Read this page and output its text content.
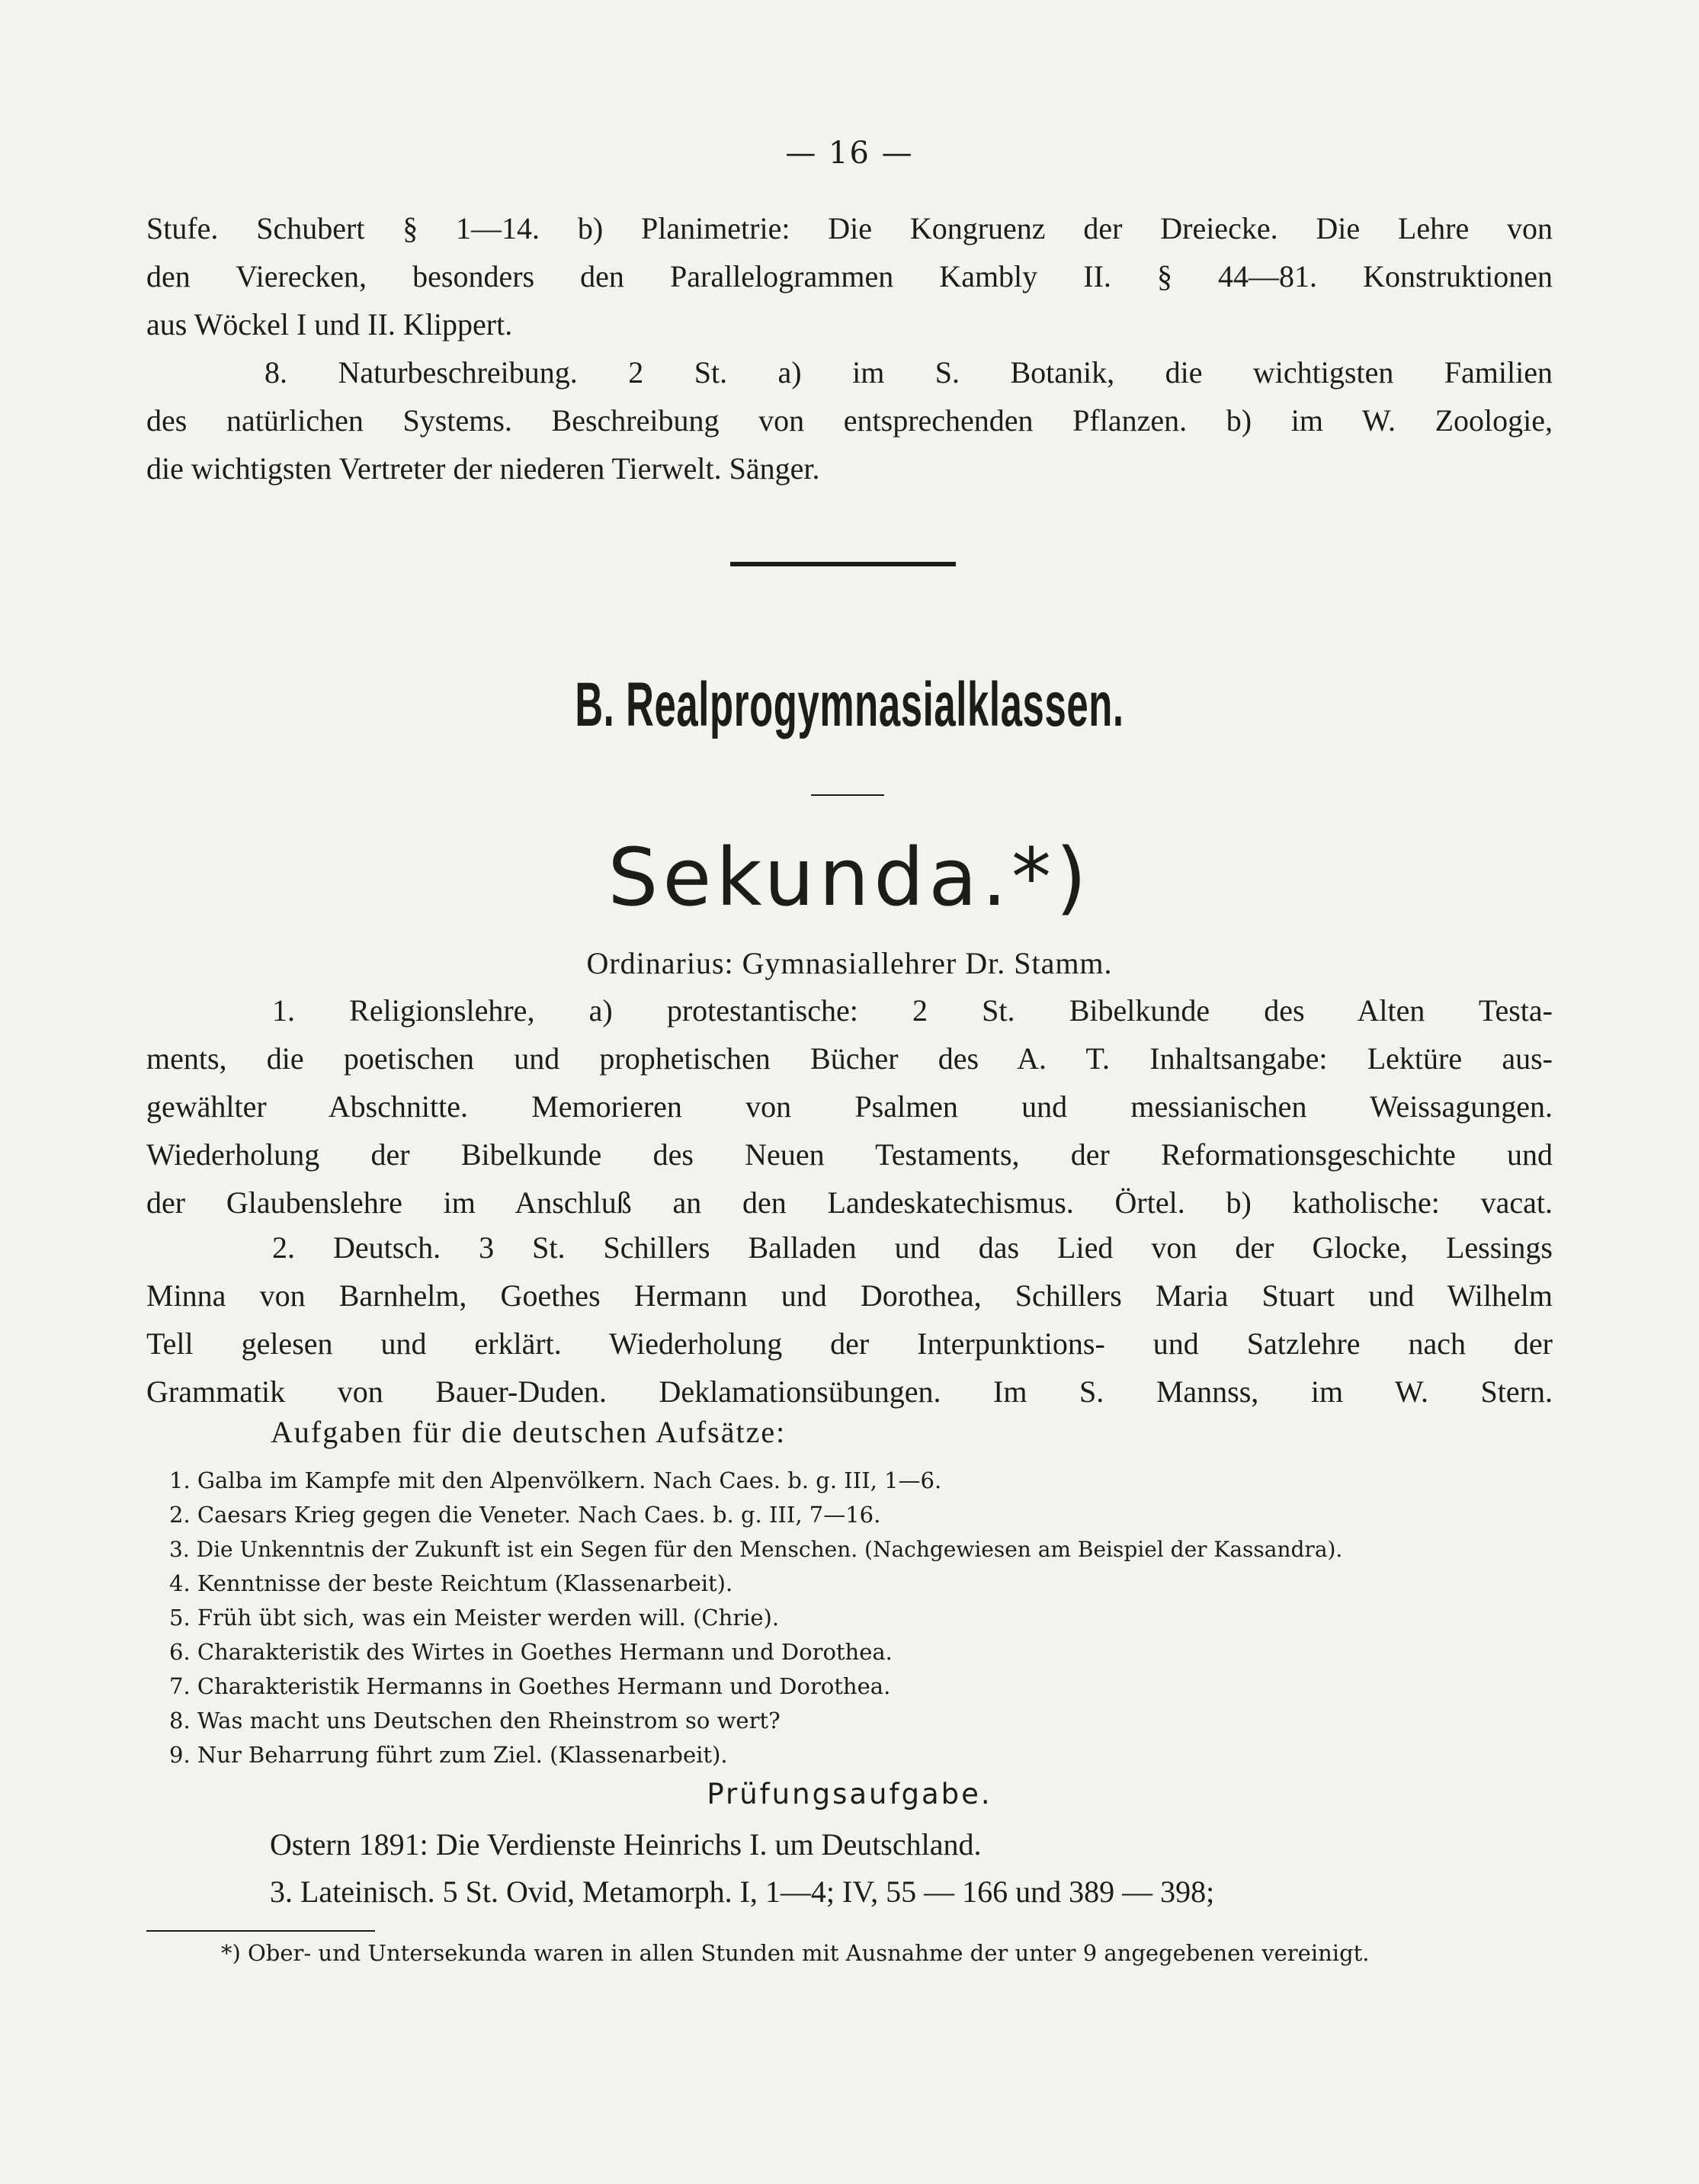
— 16 —
Stufe. Schubert § 1—14. b) Planimetrie: Die Kongruenz der Dreiecke. Die Lehre von
den Vierecken, besonders den Parallelogrammen Kambly II. § 44—81. Konstruktionen
aus Wöckel I und II. Klippert.
8. Naturbeschreibung. 2 St. a) im S. Botanik, die wichtigsten Familien
des natürlichen Systems. Beschreibung von entsprechenden Pflanzen. b) im W. Zoologie,
die wichtigsten Vertreter der niederen Tierwelt. Sänger.
B. Realprogymnasialklassen.
Sekunda.*)
Ordinarius: Gymnasiallehrer Dr. Stamm.
1. Religionslehre, a) protestantische: 2 St. Bibelkunde des Alten Testa-
ments, die poetischen und prophetischen Bücher des A. T. Inhaltsangabe: Lektüre aus-
gewählter Abschnitte. Memorieren von Psalmen und messianischen Weissagungen.
Wiederholung der Bibelkunde des Neuen Testaments, der Reformationsgeschichte und
der Glaubenslehre im Anschluß an den Landeskatechismus. Örtel. b) katholische: vacat.
2. Deutsch. 3 St. Schillers Balladen und das Lied von der Glocke, Lessings
Minna von Barnhelm, Goethes Hermann und Dorothea, Schillers Maria Stuart und Wilhelm
Tell gelesen und erklärt. Wiederholung der Interpunktions- und Satzlehre nach der
Grammatik von Bauer-Duden. Deklamationsübungen. Im S. Mannss, im W. Stern.
Aufgaben für die deutschen Aufsätze:
1. Galba im Kampfe mit den Alpenvölkern. Nach Caes. b. g. III, 1—6.
2. Caesars Krieg gegen die Veneter. Nach Caes. b. g. III, 7—16.
3. Die Unkenntnis der Zukunft ist ein Segen für den Menschen. (Nachgewiesen am Beispiel der Kassandra).
4. Kenntnisse der beste Reichtum (Klassenarbeit).
5. Früh übt sich, was ein Meister werden will. (Chrie).
6. Charakteristik des Wirtes in Goethes Hermann und Dorothea.
7. Charakteristik Hermanns in Goethes Hermann und Dorothea.
8. Was macht uns Deutschen den Rheinstrom so wert?
9. Nur Beharrung führt zum Ziel. (Klassenarbeit).
Prüfungsaufgabe.
Ostern 1891: Die Verdienste Heinrichs I. um Deutschland.
3. Lateinisch. 5 St. Ovid, Metamorph. I, 1—4; IV, 55 — 166 und 389 — 398;
*) Ober- und Untersekunda waren in allen Stunden mit Ausnahme der unter 9 angegebenen vereinigt.
